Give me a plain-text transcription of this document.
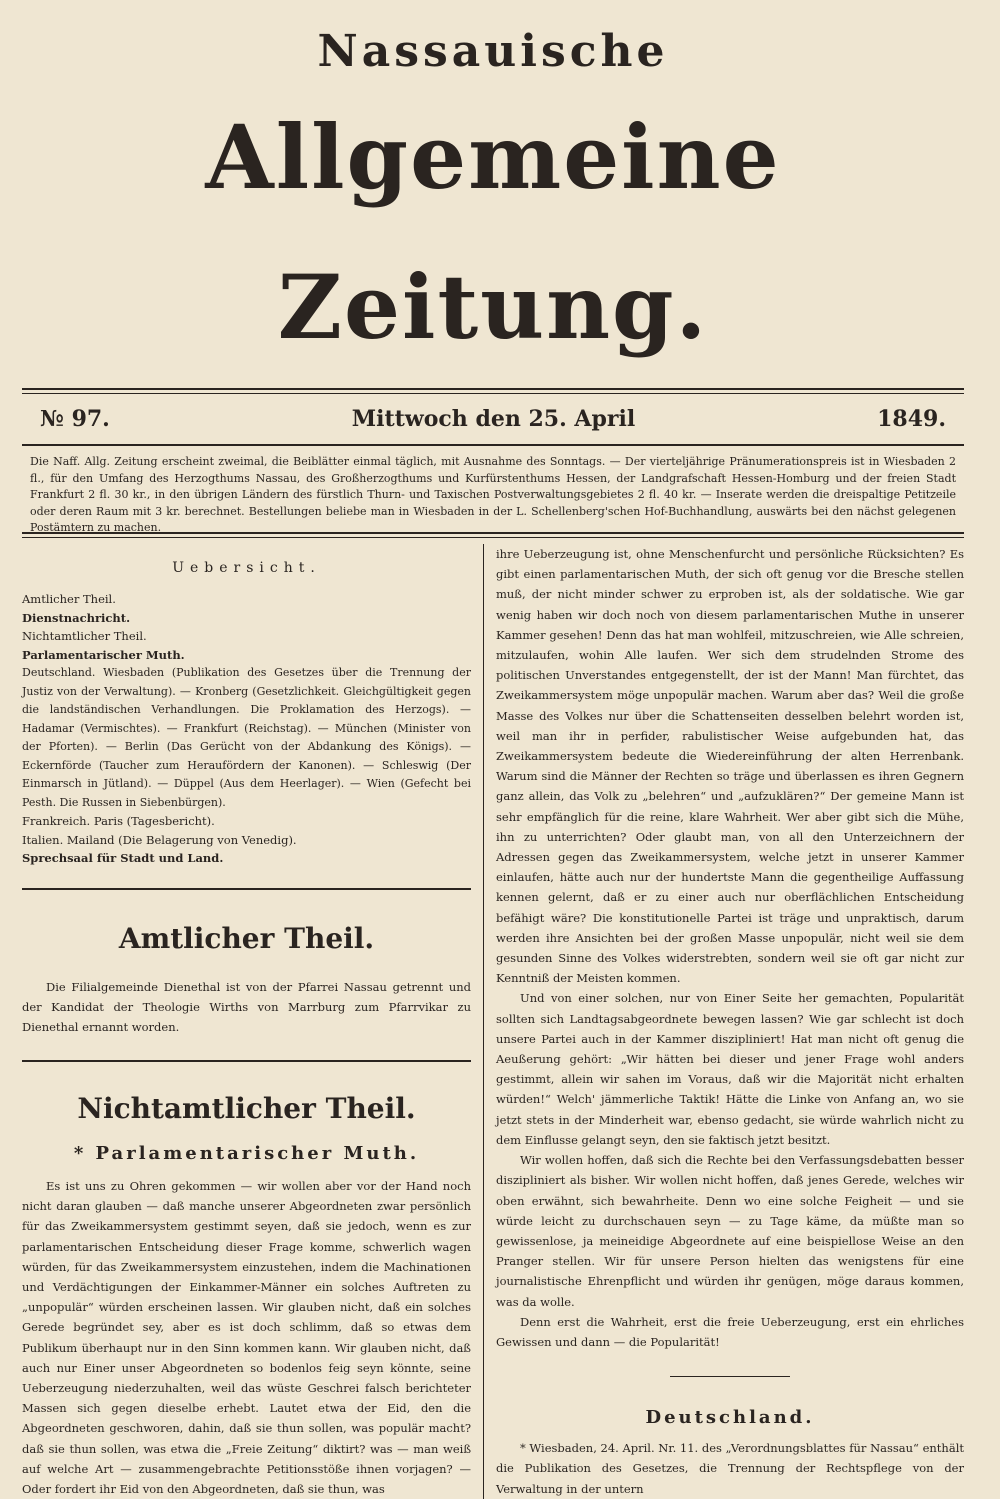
Nassauische
Allgemeine Zeitung.
№ 97.	Mittwoch den 25. April	1849.
Die Naff. Allg. Zeitung erscheint zweimal, die Beiblätter einmal täglich, mit Ausnahme des Sonntags. — Der vierteljährige Pränumerationspreis ist in Wiesbaden 2 fl., für den Umfang des Herzogthums Nassau, des Großherzogthums und Kurfürstenthums Hessen, der Landgrafschaft Hessen-Homburg und der freien Stadt Frankfurt 2 fl. 30 kr., in den übrigen Ländern des fürstlich Thurn- und Taxischen Postverwaltungsgebietes 2 fl. 40 kr. — Inserate werden die dreispaltige Petitzeile oder deren Raum mit 3 kr. berechnet. Bestellungen beliebe man in Wiesbaden in der L. Schellenberg'schen Hof-Buchhandlung, auswärts bei den nächst gelegenen Postämtern zu machen.
Uebersicht.
Amtlicher Theil.
Dienstnachricht.
Nichtamtlicher Theil.
Parlamentarischer Muth.
Deutschland. Wiesbaden (Publikation des Gesetzes über die Trennung der Justiz von der Verwaltung). — Kronberg (Gesetzlichkeit. Gleichgültigkeit gegen die landständischen Verhandlungen. Die Proklamation des Herzogs). — Hadamar (Vermischtes). — Frankfurt (Reichstag). — München (Minister von der Pforten). — Berlin (Das Gerücht von der Abdankung des Königs). — Eckernförde (Taucher zum Heraufördern der Kanonen). — Schleswig (Der Einmarsch in Jütland). — Düppel (Aus dem Heerlager). — Wien (Gefecht bei Pesth. Die Russen in Siebenbürgen).
Frankreich. Paris (Tagesbericht).
Italien. Mailand (Die Belagerung von Venedig).
Sprechsaal für Stadt und Land.
Amtlicher Theil.

Die Filialgemeinde Dienethal ist von der Pfarrei Nassau getrennt und der Kandidat der Theologie Wirths von Marrburg zum Pfarrvikar zu Dienethal ernannt worden.

Nichtamtlicher Theil.
* Parlamentarischer Muth.

Es ist uns zu Ohren gekommen — wir wollen aber vor der Hand noch nicht daran glauben — daß manche unserer Abgeordneten zwar persönlich für das Zweikammersystem gestimmt seyen, daß sie jedoch, wenn es zur parlamentarischen Entscheidung dieser Frage komme, schwerlich wagen würden, für das Zweikammersystem einzustehen, indem die Machinationen und Verdächtigungen der Einkammer-Männer ein solches Auftreten zu „unpopulär“ würden erscheinen lassen. Wir glauben nicht, daß ein solches Gerede begründet sey, aber es ist doch schlimm, daß so etwas dem Publikum überhaupt nur in den Sinn kommen kann. Wir glauben nicht, daß auch nur Einer unser Abgeordneten so bodenlos feig seyn könnte, seine Ueberzeugung niederzuhalten, weil das wüste Geschrei falsch berichteter Massen sich gegen dieselbe erhebt. Lautet etwa der Eid, den die Abgeordneten geschworen, dahin, daß sie thun sollen, was populär macht? daß sie thun sollen, was etwa die „Freie Zeitung“ diktirt? was — man weiß auf welche Art — zusammengebrachte Petitionsstöße ihnen vorjagen? — Oder fordert ihr Eid von den Abgeordneten, daß sie thun, was

ihre Ueberzeugung ist, ohne Menschenfurcht und persönliche Rücksichten? Es gibt einen parlamentarischen Muth, der sich oft genug vor die Bresche stellen muß, der nicht minder schwer zu erproben ist, als der soldatische. Wie gar wenig haben wir doch noch von diesem parlamentarischen Muthe in unserer Kammer gesehen! Denn das hat man wohlfeil, mitzuschreien, wie Alle schreien, mitzulaufen, wohin Alle laufen. Wer sich dem strudelnden Strome des politischen Unverstandes entgegenstellt, der ist der Mann! Man fürchtet, das Zweikammersystem möge unpopulär machen. Warum aber das? Weil die große Masse des Volkes nur über die Schattenseiten desselben belehrt worden ist, weil man ihr in perfider, rabulistischer Weise aufgebunden hat, das Zweikammersystem bedeute die Wiedereinführung der alten Herrenbank. Warum sind die Männer der Rechten so träge und überlassen es ihren Gegnern ganz allein, das Volk zu „belehren“ und „aufzuklären?“ Der gemeine Mann ist sehr empfänglich für die reine, klare Wahrheit. Wer aber gibt sich die Mühe, ihn zu unterrichten? Oder glaubt man, von all den Unterzeichnern der Adressen gegen das Zweikammersystem, welche jetzt in unserer Kammer einlaufen, hätte auch nur der hundertste Mann die gegentheilige Auffassung kennen gelernt, daß er zu einer auch nur oberflächlichen Entscheidung befähigt wäre? Die konstitutionelle Partei ist träge und unpraktisch, darum werden ihre Ansichten bei der großen Masse unpopulär, nicht weil sie dem gesunden Sinne des Volkes widerstrebten, sondern weil sie oft gar nicht zur Kenntniß der Meisten kommen.

Und von einer solchen, nur von Einer Seite her gemachten, Popularität sollten sich Landtagsabgeordnete bewegen lassen? Wie gar schlecht ist doch unsere Partei auch in der Kammer diszipliniert! Hat man nicht oft genug die Aeußerung gehört: „Wir hätten bei dieser und jener Frage wohl anders gestimmt, allein wir sahen im Voraus, daß wir die Majorität nicht erhalten würden!“ Welch' jämmerliche Taktik! Hätte die Linke von Anfang an, wo sie jetzt stets in der Minderheit war, ebenso gedacht, sie würde wahrlich nicht zu dem Einflusse gelangt seyn, den sie faktisch jetzt besitzt.

Wir wollen hoffen, daß sich die Rechte bei den Verfassungsdebatten besser diszipliniert als bisher. Wir wollen nicht hoffen, daß jenes Gerede, welches wir oben erwähnt, sich bewahrheite. Denn wo eine solche Feigheit — und sie würde leicht zu durchschauen seyn — zu Tage käme, da müßte man so gewissenlose, ja meineidige Abgeordnete auf eine beispiellose Weise an den Pranger stellen. Wir für unsere Person hielten das wenigstens für eine journalistische Ehrenpflicht und würden ihr genügen, möge daraus kommen, was da wolle.

Denn erst die Wahrheit, erst die freie Ueberzeugung, erst ein ehrliches Gewissen und dann — die Popularität!

Deutschland.

* Wiesbaden, 24. April. Nr. 11. des „Verordnungsblattes für Nassau“ enthält die Publikation des Gesetzes, die Trennung der Rechtspflege von der Verwaltung in der untern
